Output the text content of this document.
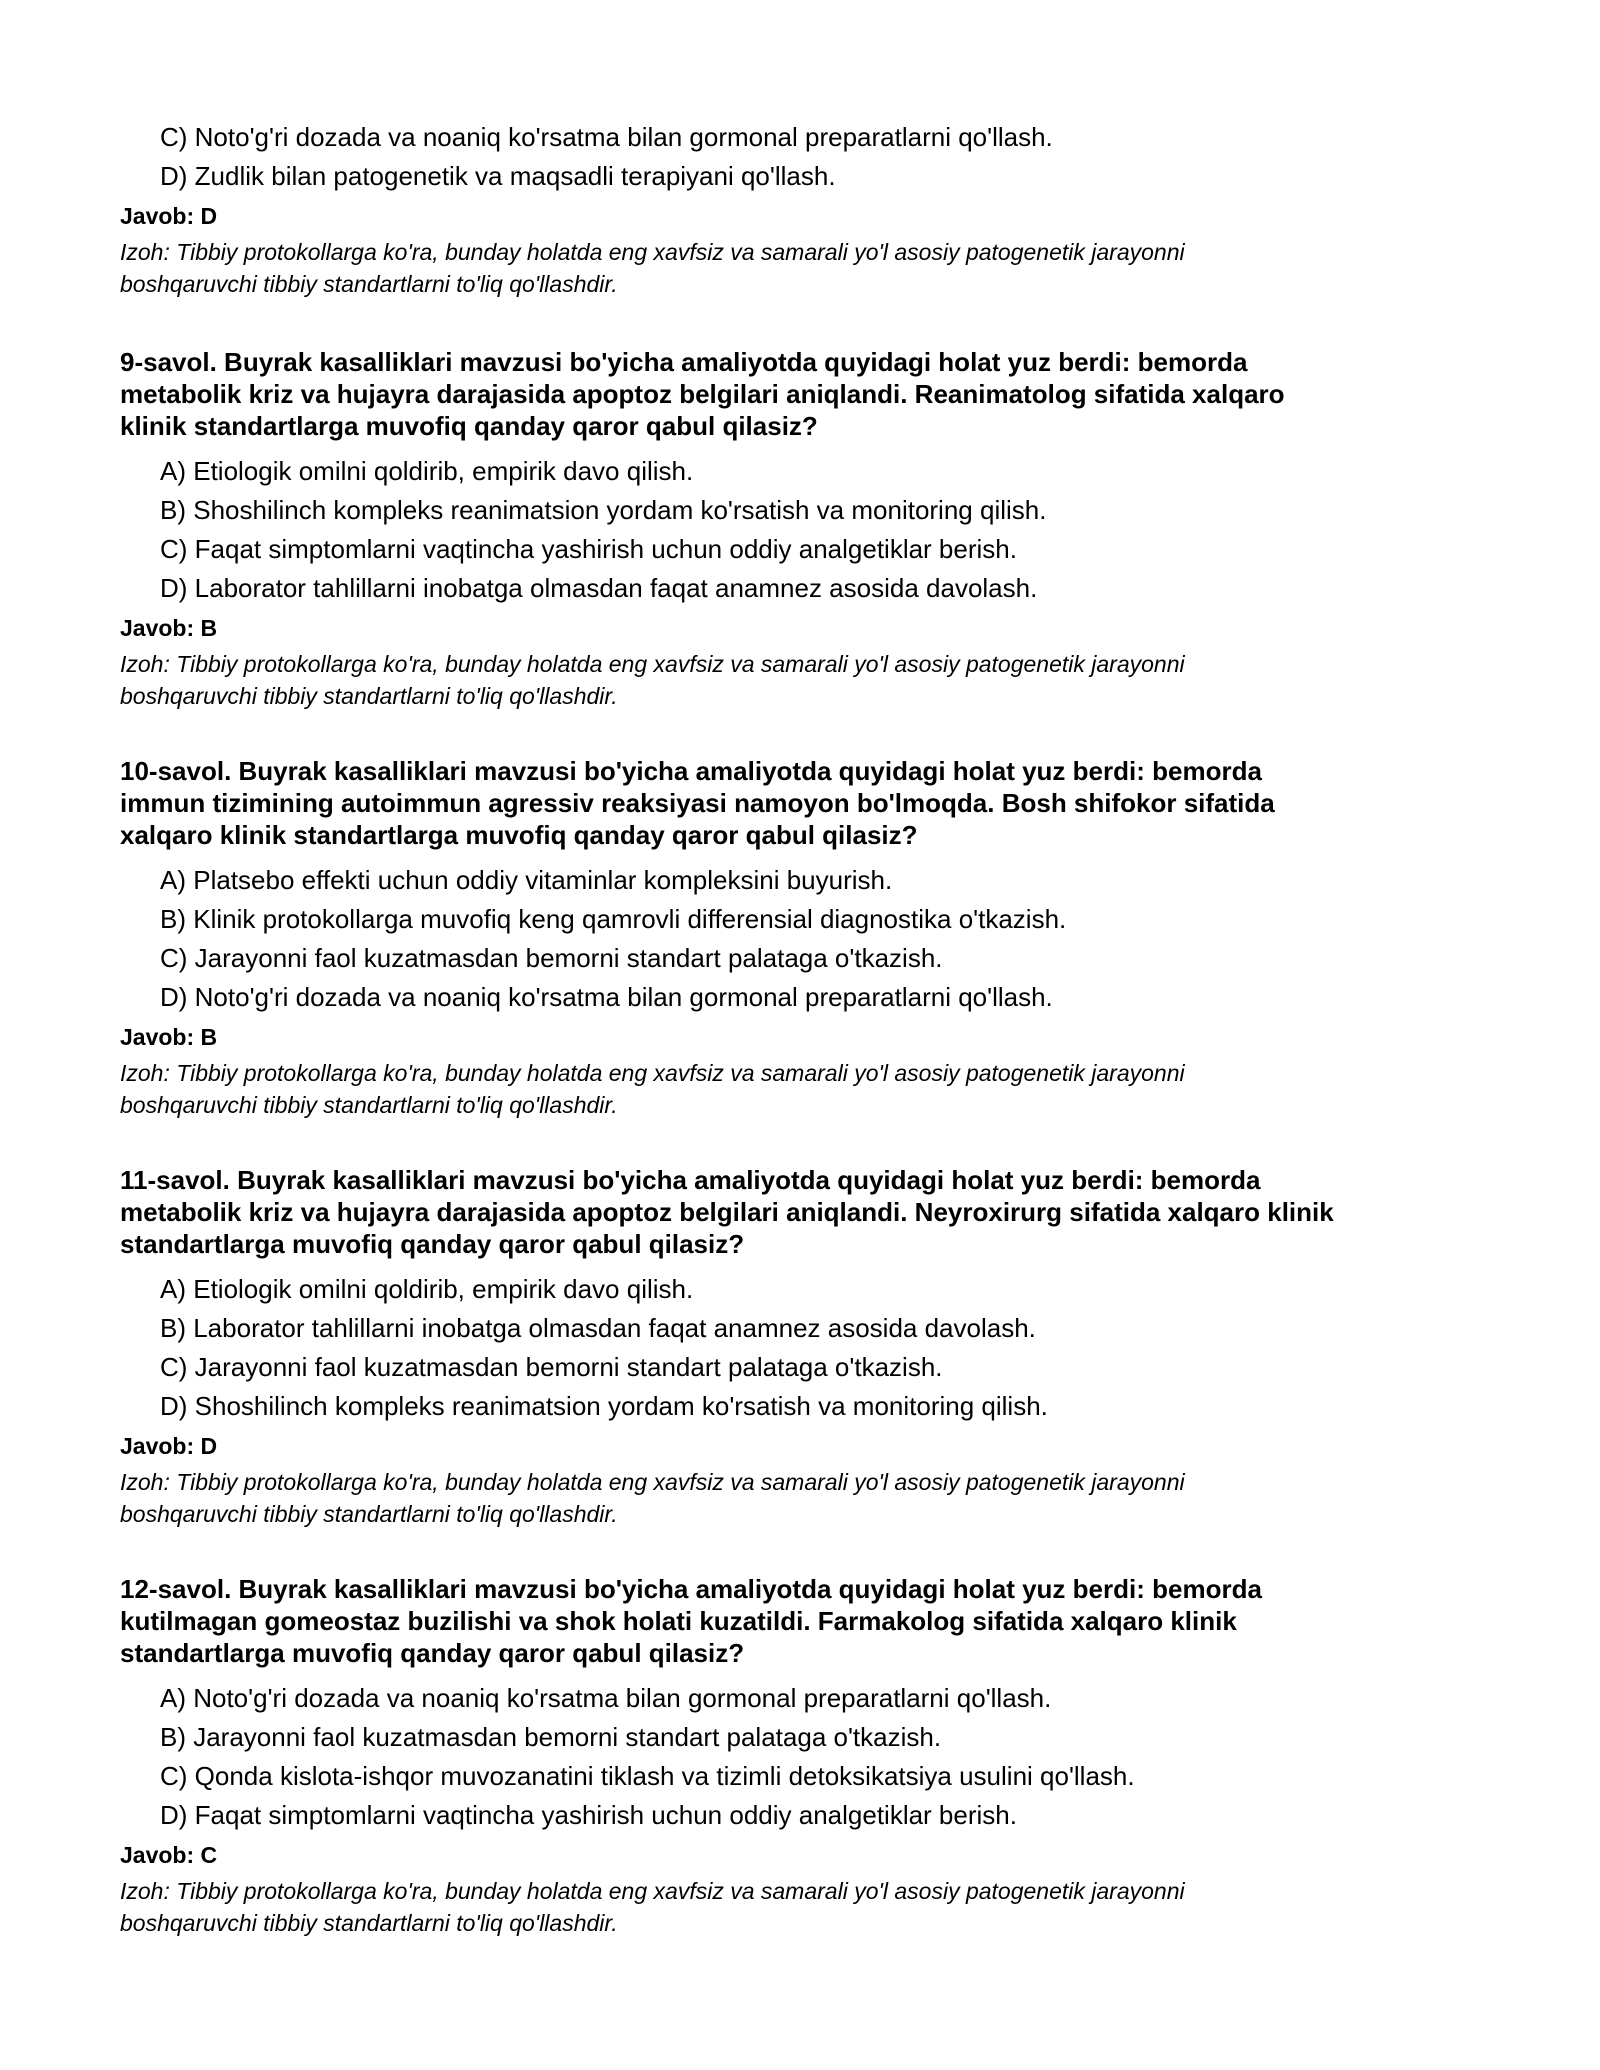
C) Noto'g'ri dozada va noaniq ko'rsatma bilan gormonal preparatlarni qo'llash.
D) Zudlik bilan patogenetik va maqsadli terapiyani qo'llash.
Javob: D
Izoh: Tibbiy protokollarga ko'ra, bunday holatda eng xavfsiz va samarali yo'l asosiy patogenetik jarayonni
boshqaruvchi tibbiy standartlarni to'liq qo'llashdir.
9-savol. Buyrak kasalliklari mavzusi bo'yicha amaliyotda quyidagi holat yuz berdi: bemorda
metabolik kriz va hujayra darajasida apoptoz belgilari aniqlandi. Reanimatolog sifatida xalqaro
klinik standartlarga muvofiq qanday qaror qabul qilasiz?
A) Etiologik omilni qoldirib, empirik davo qilish.
B) Shoshilinch kompleks reanimatsion yordam ko'rsatish va monitoring qilish.
C) Faqat simptomlarni vaqtincha yashirish uchun oddiy analgetiklar berish.
D) Laborator tahlillarni inobatga olmasdan faqat anamnez asosida davolash.
Javob: B
Izoh: Tibbiy protokollarga ko'ra, bunday holatda eng xavfsiz va samarali yo'l asosiy patogenetik jarayonni
boshqaruvchi tibbiy standartlarni to'liq qo'llashdir.
10-savol. Buyrak kasalliklari mavzusi bo'yicha amaliyotda quyidagi holat yuz berdi: bemorda
immun tizimining autoimmun agressiv reaksiyasi namoyon bo'lmoqda. Bosh shifokor sifatida
xalqaro klinik standartlarga muvofiq qanday qaror qabul qilasiz?
A) Platsebo effekti uchun oddiy vitaminlar kompleksini buyurish.
B) Klinik protokollarga muvofiq keng qamrovli differensial diagnostika o'tkazish.
C) Jarayonni faol kuzatmasdan bemorni standart palataga o'tkazish.
D) Noto'g'ri dozada va noaniq ko'rsatma bilan gormonal preparatlarni qo'llash.
Javob: B
Izoh: Tibbiy protokollarga ko'ra, bunday holatda eng xavfsiz va samarali yo'l asosiy patogenetik jarayonni
boshqaruvchi tibbiy standartlarni to'liq qo'llashdir.
11-savol. Buyrak kasalliklari mavzusi bo'yicha amaliyotda quyidagi holat yuz berdi: bemorda
metabolik kriz va hujayra darajasida apoptoz belgilari aniqlandi. Neyroxirurg sifatida xalqaro klinik
standartlarga muvofiq qanday qaror qabul qilasiz?
A) Etiologik omilni qoldirib, empirik davo qilish.
B) Laborator tahlillarni inobatga olmasdan faqat anamnez asosida davolash.
C) Jarayonni faol kuzatmasdan bemorni standart palataga o'tkazish.
D) Shoshilinch kompleks reanimatsion yordam ko'rsatish va monitoring qilish.
Javob: D
Izoh: Tibbiy protokollarga ko'ra, bunday holatda eng xavfsiz va samarali yo'l asosiy patogenetik jarayonni
boshqaruvchi tibbiy standartlarni to'liq qo'llashdir.
12-savol. Buyrak kasalliklari mavzusi bo'yicha amaliyotda quyidagi holat yuz berdi: bemorda
kutilmagan gomeostaz buzilishi va shok holati kuzatildi. Farmakolog sifatida xalqaro klinik
standartlarga muvofiq qanday qaror qabul qilasiz?
A) Noto'g'ri dozada va noaniq ko'rsatma bilan gormonal preparatlarni qo'llash.
B) Jarayonni faol kuzatmasdan bemorni standart palataga o'tkazish.
C) Qonda kislota-ishqor muvozanatini tiklash va tizimli detoksikatsiya usulini qo'llash.
D) Faqat simptomlarni vaqtincha yashirish uchun oddiy analgetiklar berish.
Javob: C
Izoh: Tibbiy protokollarga ko'ra, bunday holatda eng xavfsiz va samarali yo'l asosiy patogenetik jarayonni
boshqaruvchi tibbiy standartlarni to'liq qo'llashdir.
